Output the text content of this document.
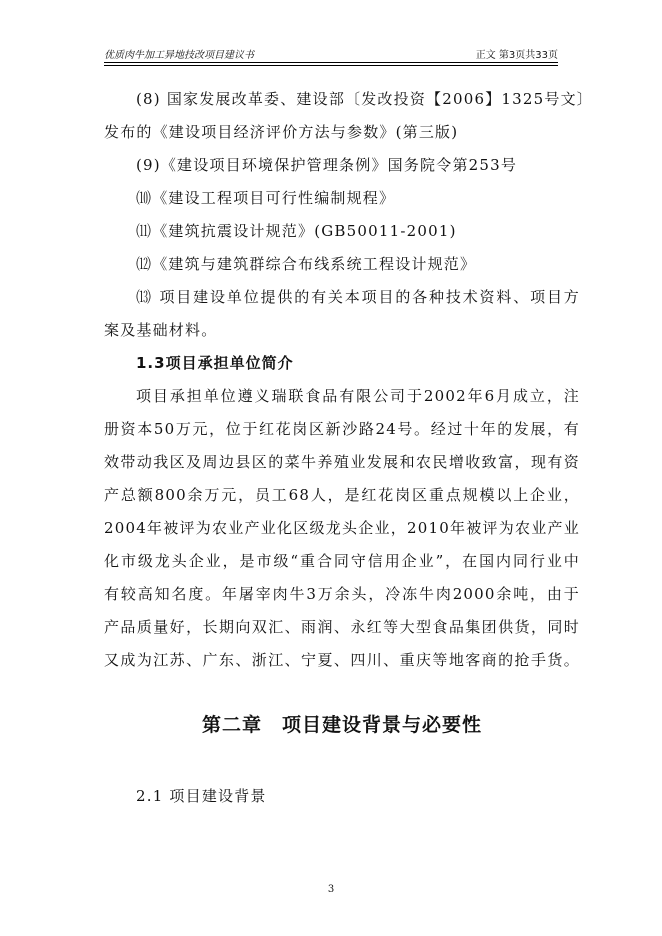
优质肉牛加工异地技改项目建议书	正文 第3页共33页
(8) 国家发展改革委、建设部〔发改投资【2006】1325号文〕
发布的《建设项目经济评价方法与参数》(第三版)
(9)《建设项目环境保护管理条例》国务院令第253号
⑽《建设工程项目可行性编制规程》
⑾《建筑抗震设计规范》(GB50011-2001)
⑿《建筑与建筑群综合布线系统工程设计规范》
⒀ 项目建设单位提供的有关本项目的各种技术资料、项目方
案及基础材料。
1.3项目承担单位简介
项目承担单位遵义瑞联食品有限公司于2002年6月成立，注
册资本50万元，位于红花岗区新沙路24号。经过十年的发展，有
效带动我区及周边县区的菜牛养殖业发展和农民增收致富，现有资
产总额800余万元，员工68人，是红花岗区重点规模以上企业，
2004年被评为农业产业化区级龙头企业，2010年被评为农业产业
化市级龙头企业，是市级“重合同守信用企业”，在国内同行业中
有较高知名度。年屠宰肉牛3万余头，冷冻牛肉2000余吨，由于
产品质量好，长期向双汇、雨润、永红等大型食品集团供货，同时
又成为江苏、广东、浙江、宁夏、四川、重庆等地客商的抢手货。
第二章　项目建设背景与必要性
2.1 项目建设背景
3
